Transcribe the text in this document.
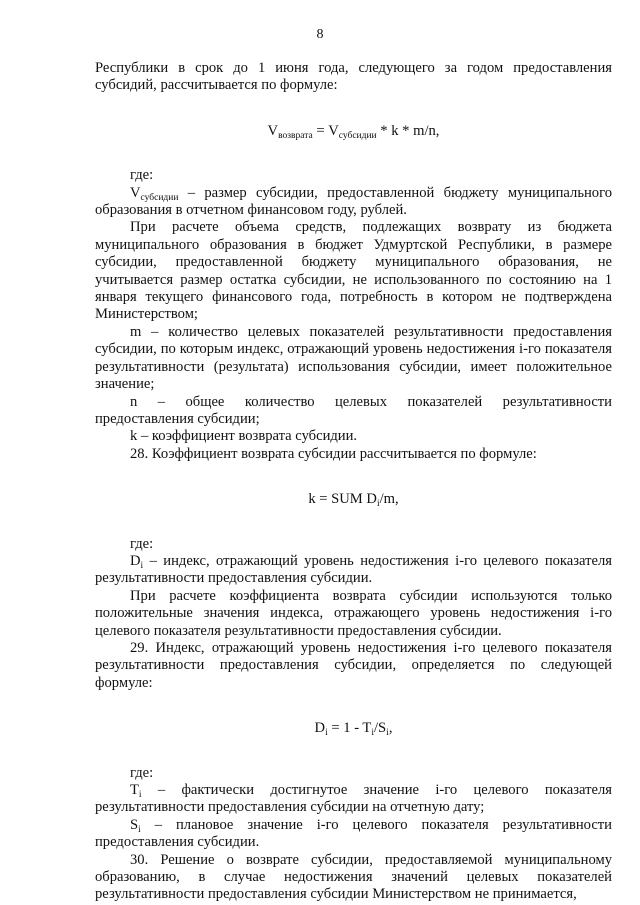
8

Республики в срок до 1 июня года, следующего за годом предоставления субсидий, рассчитывается по формуле:

$V_{возврата} = V_{субсидии} * k * m/n$,

где:

$V_{субсидии}$ – размер субсидии, предоставленной бюджету муниципального образования в отчетном финансовом году, рублей.

При расчете объема средств, подлежащих возврату из бюджета муниципального образования в бюджет Удмуртской Республики, в размере субсидии, предоставленной бюджету муниципального образования, не учитывается размер остатка субсидии, не использованного по состоянию на 1 января текущего финансового года, потребность в котором не подтверждена Министерством;

m – количество целевых показателей результативности предоставления субсидии, по которым индекс, отражающий уровень недостижения i-го показателя результативности (результата) использования субсидии, имеет положительное значение;

n – общее количество целевых показателей результативности предоставления субсидии;

k – коэффициент возврата субсидии.

28. Коэффициент возврата субсидии рассчитывается по формуле:

k = SUM $D_i/m$,

где:

$D_i$ – индекс, отражающий уровень недостижения i-го целевого показателя результативности предоставления субсидии.

При расчете коэффициента возврата субсидии используются только положительные значения индекса, отражающего уровень недостижения i-го целевого показателя результативности предоставления субсидии.

29. Индекс, отражающий уровень недостижения i-го целевого показателя результативности предоставления субсидии, определяется по следующей формуле:

$D_i = 1 - T_i/S_i$,

где:

$T_i$ – фактически достигнутое значение i-го целевого показателя результативности предоставления субсидии на отчетную дату;

$S_i$ – плановое значение i-го целевого показателя результативности предоставления субсидии.

30. Решение о возврате субсидии, предоставляемой муниципальному образованию, в случае недостижения значений целевых показателей результативности предоставления субсидии Министерством не принимается,
